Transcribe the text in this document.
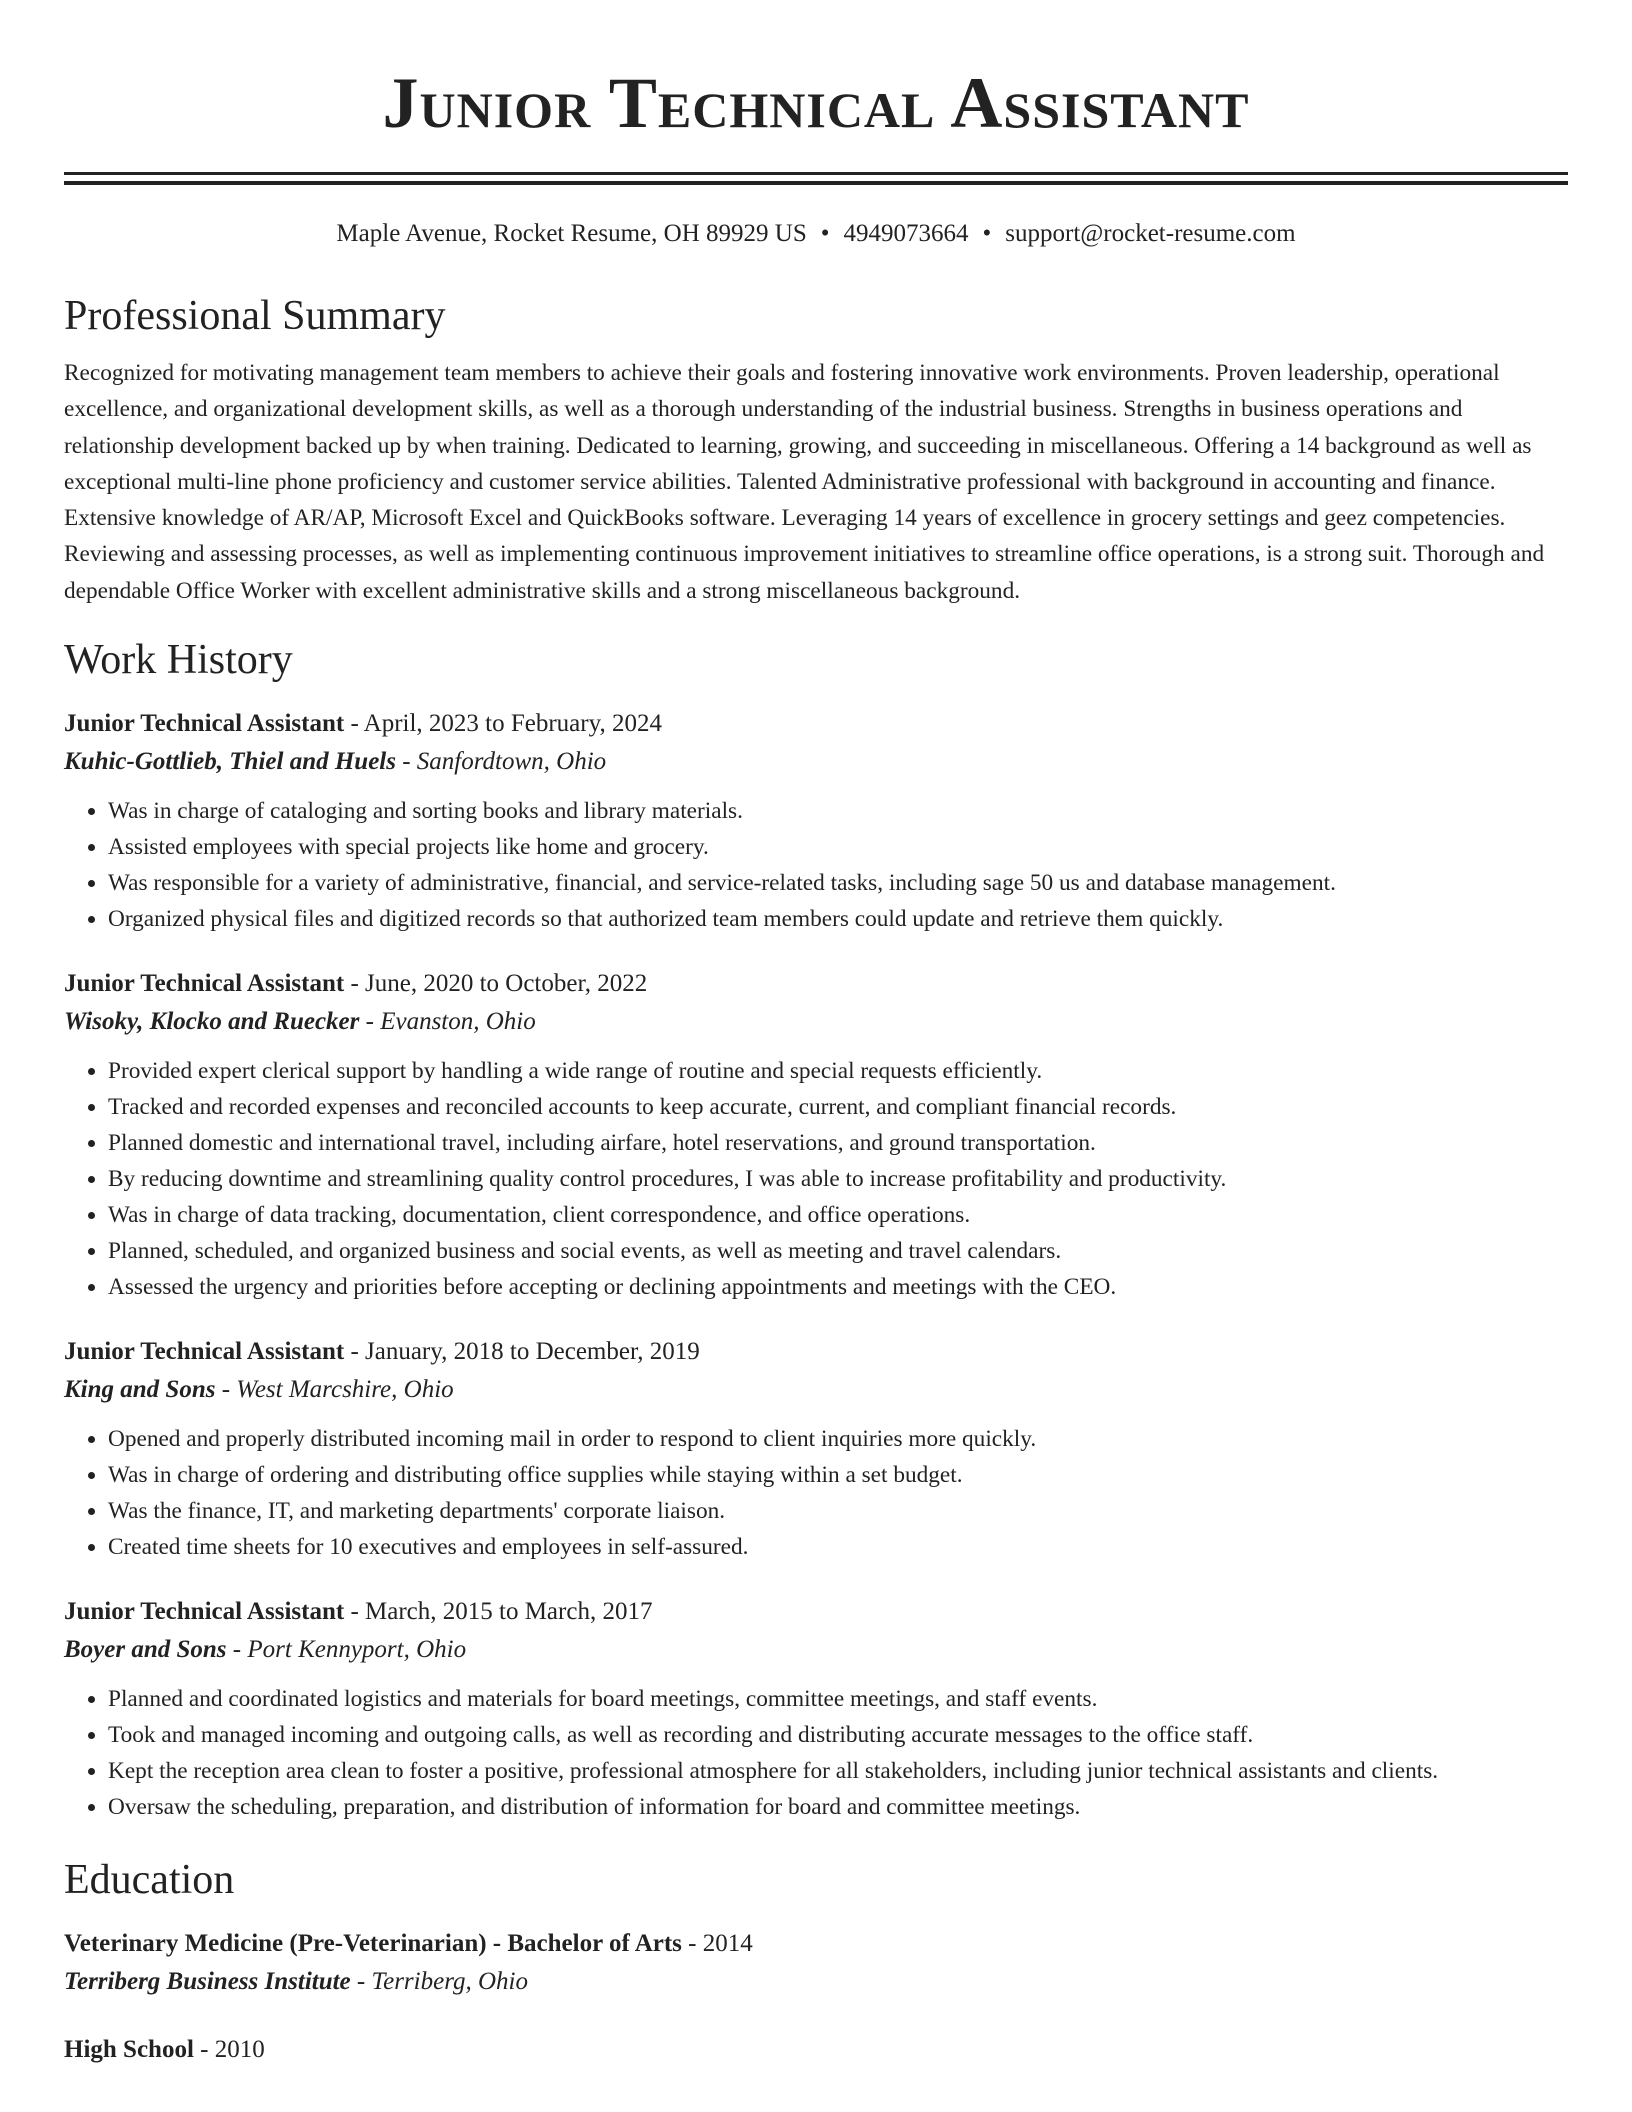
Junior Technical Assistant
Maple Avenue, Rocket Resume, OH 89929 US • 4949073664 • support@rocket-resume.com
Professional Summary
Recognized for motivating management team members to achieve their goals and fostering innovative work environments. Proven leadership, operational excellence, and organizational development skills, as well as a thorough understanding of the industrial business. Strengths in business operations and relationship development backed up by when training. Dedicated to learning, growing, and succeeding in miscellaneous. Offering a 14 background as well as exceptional multi-line phone proficiency and customer service abilities. Talented Administrative professional with background in accounting and finance. Extensive knowledge of AR/AP, Microsoft Excel and QuickBooks software. Leveraging 14 years of excellence in grocery settings and geez competencies. Reviewing and assessing processes, as well as implementing continuous improvement initiatives to streamline office operations, is a strong suit. Thorough and dependable Office Worker with excellent administrative skills and a strong miscellaneous background.
Work History
Junior Technical Assistant - April, 2023 to February, 2024
Kuhic-Gottlieb, Thiel and Huels - Sanfordtown, Ohio
• Was in charge of cataloging and sorting books and library materials.
• Assisted employees with special projects like home and grocery.
• Was responsible for a variety of administrative, financial, and service-related tasks, including sage 50 us and database management.
• Organized physical files and digitized records so that authorized team members could update and retrieve them quickly.
Junior Technical Assistant - June, 2020 to October, 2022
Wisoky, Klocko and Ruecker - Evanston, Ohio
• Provided expert clerical support by handling a wide range of routine and special requests efficiently.
• Tracked and recorded expenses and reconciled accounts to keep accurate, current, and compliant financial records.
• Planned domestic and international travel, including airfare, hotel reservations, and ground transportation.
• By reducing downtime and streamlining quality control procedures, I was able to increase profitability and productivity.
• Was in charge of data tracking, documentation, client correspondence, and office operations.
• Planned, scheduled, and organized business and social events, as well as meeting and travel calendars.
• Assessed the urgency and priorities before accepting or declining appointments and meetings with the CEO.
Junior Technical Assistant - January, 2018 to December, 2019
King and Sons - West Marcshire, Ohio
• Opened and properly distributed incoming mail in order to respond to client inquiries more quickly.
• Was in charge of ordering and distributing office supplies while staying within a set budget.
• Was the finance, IT, and marketing departments' corporate liaison.
• Created time sheets for 10 executives and employees in self-assured.
Junior Technical Assistant - March, 2015 to March, 2017
Boyer and Sons - Port Kennyport, Ohio
• Planned and coordinated logistics and materials for board meetings, committee meetings, and staff events.
• Took and managed incoming and outgoing calls, as well as recording and distributing accurate messages to the office staff.
• Kept the reception area clean to foster a positive, professional atmosphere for all stakeholders, including junior technical assistants and clients.
• Oversaw the scheduling, preparation, and distribution of information for board and committee meetings.
Education
Veterinary Medicine (Pre-Veterinarian) - Bachelor of Arts - 2014
Terriberg Business Institute - Terriberg, Ohio
High School - 2010
